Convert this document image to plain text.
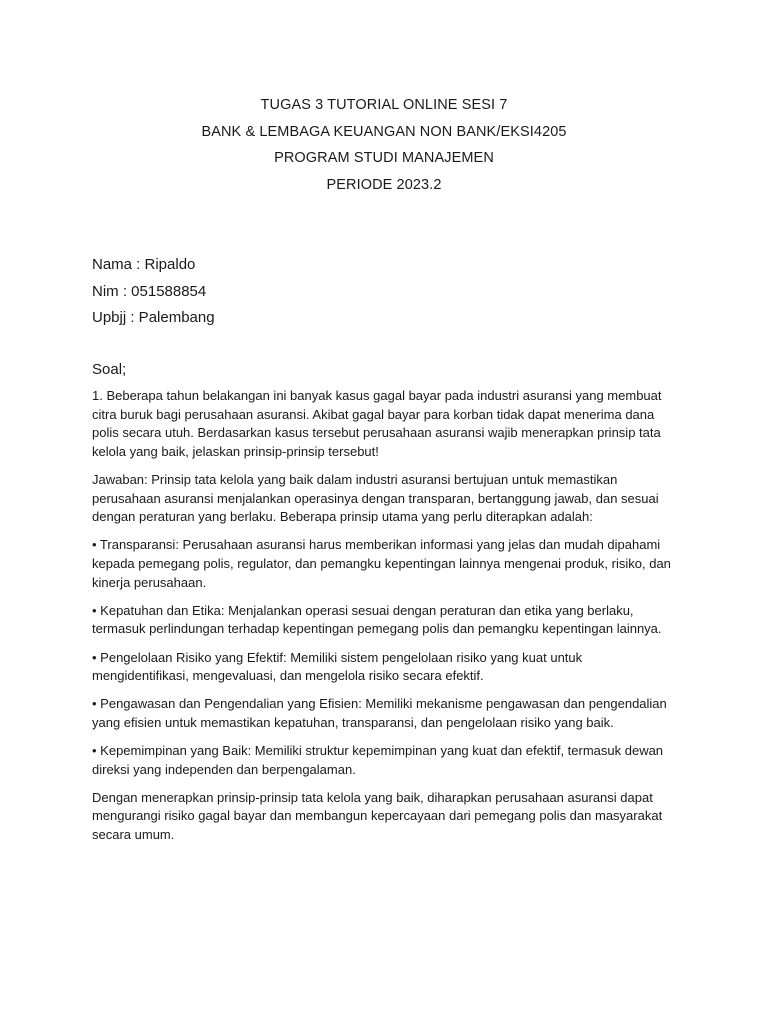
TUGAS 3 TUTORIAL ONLINE SESI 7
BANK & LEMBAGA KEUANGAN NON BANK/EKSI4205
PROGRAM STUDI MANAJEMEN
PERIODE 2023.2
Nama : Ripaldo
Nim : 051588854
Upbjj : Palembang
Soal;

1. Beberapa tahun belakangan ini banyak kasus gagal bayar pada industri asuransi yang membuat citra buruk bagi perusahaan asuransi. Akibat gagal bayar para korban tidak dapat menerima dana polis secara utuh. Berdasarkan kasus tersebut perusahaan asuransi wajib menerapkan prinsip tata kelola yang baik, jelaskan prinsip-prinsip tersebut!

Jawaban: Prinsip tata kelola yang baik dalam industri asuransi bertujuan untuk memastikan perusahaan asuransi menjalankan operasinya dengan transparan, bertanggung jawab, dan sesuai dengan peraturan yang berlaku. Beberapa prinsip utama yang perlu diterapkan adalah:

• Transparansi: Perusahaan asuransi harus memberikan informasi yang jelas dan mudah dipahami kepada pemegang polis, regulator, dan pemangku kepentingan lainnya mengenai produk, risiko, dan kinerja perusahaan.

• Kepatuhan dan Etika: Menjalankan operasi sesuai dengan peraturan dan etika yang berlaku, termasuk perlindungan terhadap kepentingan pemegang polis dan pemangku kepentingan lainnya.

• Pengelolaan Risiko yang Efektif: Memiliki sistem pengelolaan risiko yang kuat untuk mengidentifikasi, mengevaluasi, dan mengelola risiko secara efektif.

• Pengawasan dan Pengendalian yang Efisien: Memiliki mekanisme pengawasan dan pengendalian yang efisien untuk memastikan kepatuhan, transparansi, dan pengelolaan risiko yang baik.

• Kepemimpinan yang Baik: Memiliki struktur kepemimpinan yang kuat dan efektif, termasuk dewan direksi yang independen dan berpengalaman.

Dengan menerapkan prinsip-prinsip tata kelola yang baik, diharapkan perusahaan asuransi dapat mengurangi risiko gagal bayar dan membangun kepercayaan dari pemegang polis dan masyarakat secara umum.
